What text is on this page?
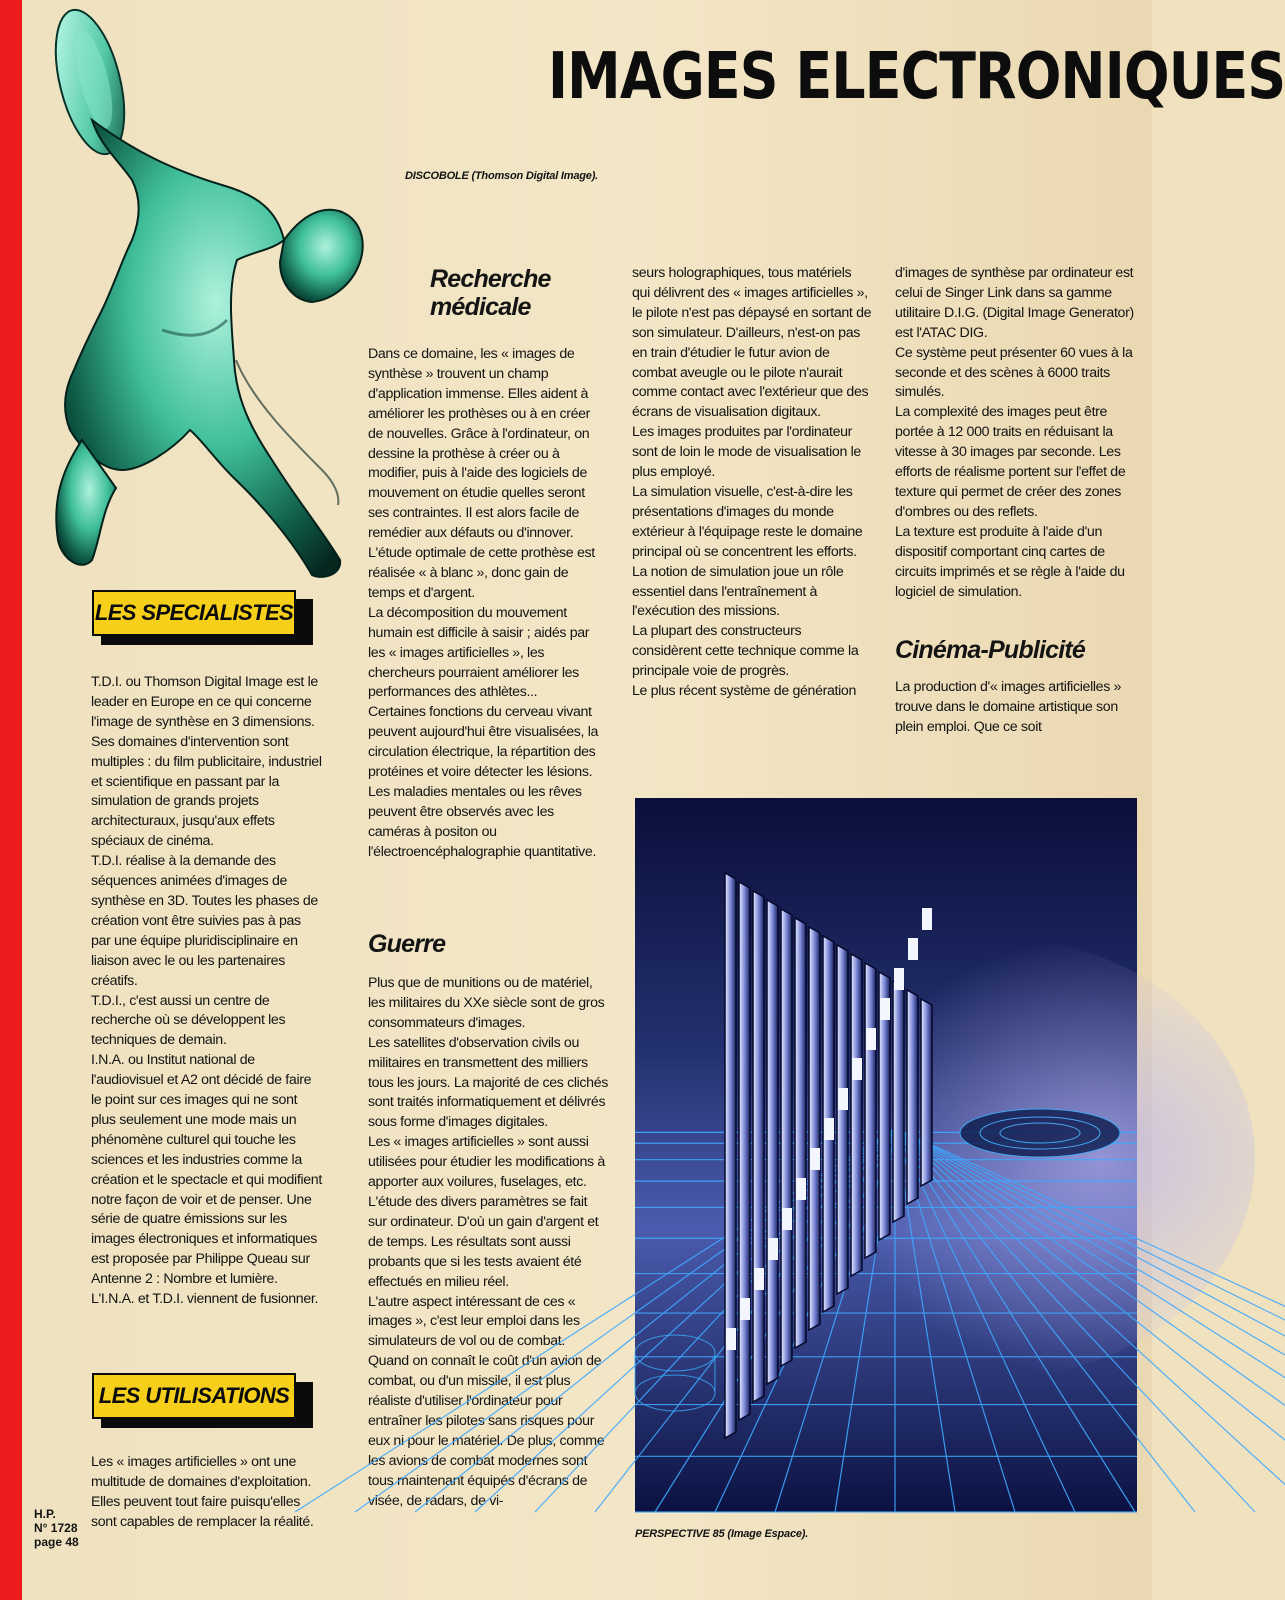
IMAGES ELECTRONIQUES
DISCOBOLE (Thomson Digital Image).
LES SPECIALISTES
LES UTILISATIONS

T.D.I. ou Thomson Digital Image est le leader en Europe en ce qui concerne l'image de synthèse en 3 dimensions.

Ses domaines d'intervention sont multiples : du film publicitaire, industriel et scientifique en passant par la simulation de grands projets architecturaux, jusqu'aux effets spéciaux de cinéma.

T.D.I. réalise à la demande des séquences animées d'images de synthèse en 3D. Toutes les phases de création vont être suivies pas à pas par une équipe pluridisciplinaire en liaison avec le ou les partenaires créatifs.

T.D.I., c'est aussi un centre de recherche où se développent les techniques de demain.

I.N.A. ou Institut national de l'audiovisuel et A2 ont décidé de faire le point sur ces images qui ne sont plus seulement une mode mais un phénomène culturel qui touche les sciences et les industries comme la création et le spectacle et qui modifient notre façon de voir et de penser. Une série de quatre émissions sur les images électroniques et informatiques est proposée par Philippe Queau sur Antenne 2 : Nombre et lumière. L'I.N.A. et T.D.I. viennent de fusionner.

Les « images artificielles » ont une multitude de domaines d'exploitation. Elles peuvent tout faire puisqu'elles sont capables de remplacer la réalité.

Recherche
médicale

Dans ce domaine, les « images de synthèse » trouvent un champ d'application immense. Elles aident à améliorer les prothèses ou à en créer de nouvelles. Grâce à l'ordinateur, on dessine la prothèse à créer ou à modifier, puis à l'aide des logiciels de mouvement on étudie quelles seront ses contraintes. Il est alors facile de remédier aux défauts ou d'innover.

L'étude optimale de cette prothèse est réalisée « à blanc », donc gain de temps et d'argent.

La décomposition du mouvement humain est difficile à saisir ; aidés par les « images artificielles », les chercheurs pourraient améliorer les performances des athlètes...

Certaines fonctions du cerveau vivant peuvent aujourd'hui être visualisées, la circulation électrique, la répartition des protéines et voire détecter les lésions.

Les maladies mentales ou les rêves peuvent être observés avec les caméras à positon ou l'électroencéphalographie quantitative.

Guerre

Plus que de munitions ou de matériel, les militaires du XXe siècle sont de gros consommateurs d'images.

Les satellites d'observation civils ou militaires en transmettent des milliers tous les jours. La majorité de ces clichés sont traités informatiquement et délivrés sous forme d'images digitales.

Les « images artificielles » sont aussi utilisées pour étudier les modifications à apporter aux voilures, fuselages, etc. L'étude des divers paramètres se fait sur ordinateur. D'où un gain d'argent et de temps. Les résultats sont aussi probants que si les tests avaient été effectués en milieu réel.

L'autre aspect intéressant de ces « images », c'est leur emploi dans les simulateurs de vol ou de combat. Quand on connaît le coût d'un avion de combat, ou d'un missile, il est plus réaliste d'utiliser l'ordinateur pour entraîner les pilotes sans risques pour eux ni pour le matériel. De plus, comme les avions de combat modernes sont tous maintenant équipés d'écrans de visée, de radars, de vi-

seurs holographiques, tous matériels qui délivrent des « images artificielles », le pilote n'est pas dépaysé en sortant de son simulateur. D'ailleurs, n'est-on pas en train d'étudier le futur avion de combat aveugle ou le pilote n'aurait comme contact avec l'extérieur que des écrans de visualisation digitaux.

Les images produites par l'ordinateur sont de loin le mode de visualisation le plus employé.

La simulation visuelle, c'est-à-dire les présentations d'images du monde extérieur à l'équipage reste le domaine principal où se concentrent les efforts.

La notion de simulation joue un rôle essentiel dans l'entraînement à l'exécution des missions.

La plupart des constructeurs considèrent cette technique comme la principale voie de progrès.

Le plus récent système de génération

d'images de synthèse par ordinateur est celui de Singer Link dans sa gamme utilitaire D.I.G. (Digital Image Generator) est l'ATAC DIG.

Ce système peut présenter 60 vues à la seconde et des scènes à 6000 traits simulés.

La complexité des images peut être portée à 12 000 traits en réduisant la vitesse à 30 images par seconde. Les efforts de réalisme portent sur l'effet de texture qui permet de créer des zones d'ombres ou des reflets.

La texture est produite à l'aide d'un dispositif comportant cinq cartes de circuits imprimés et se règle à l'aide du logiciel de simulation.

Cinéma-Publicité

La production d'« images artificielles » trouve dans le domaine artistique son plein emploi. Que ce soit

PERSPECTIVE 85 (Image Espace).
H.P.
N° 1728
page 48
